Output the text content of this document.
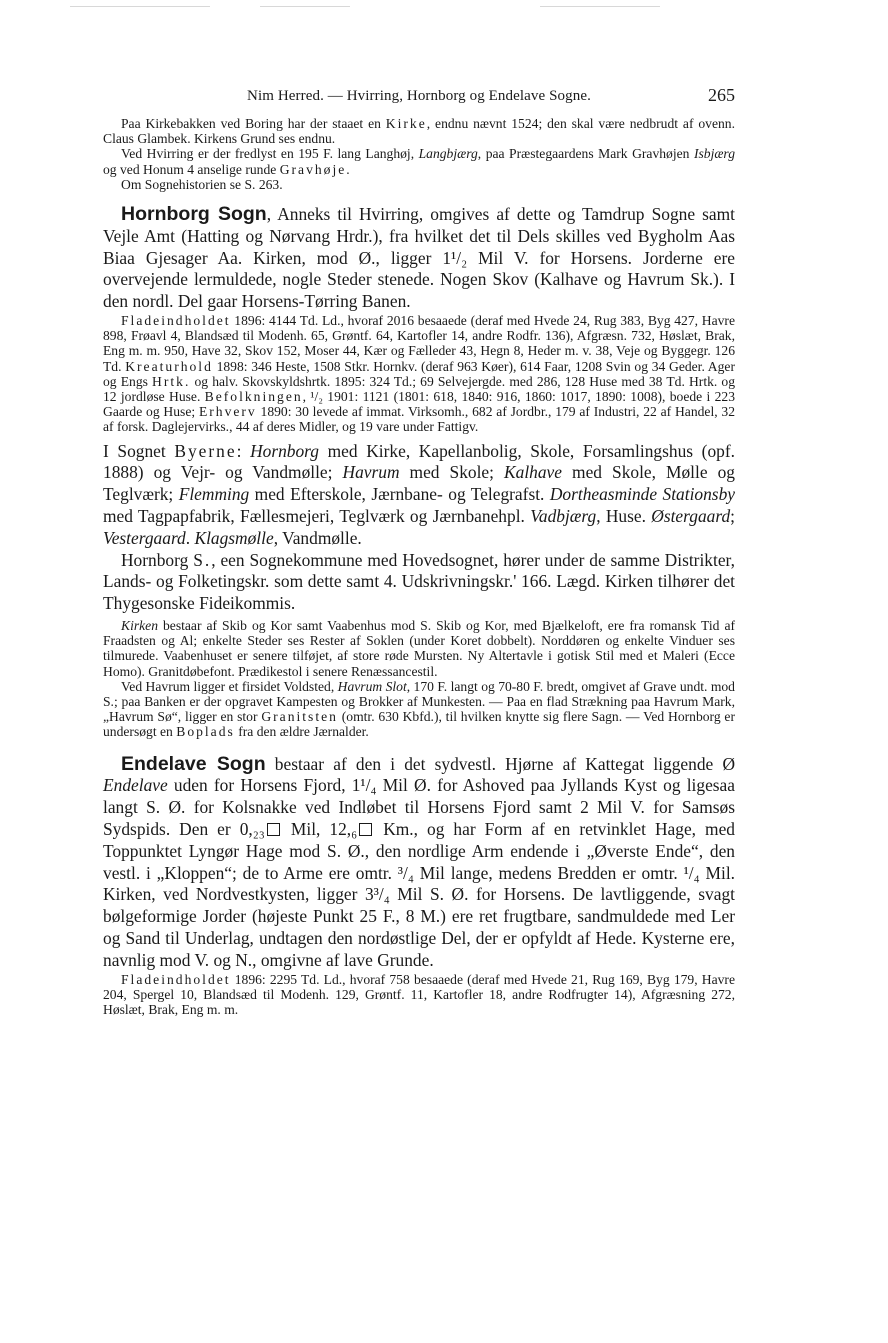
Nim Herred. — Hvirring, Hornborg og Endelave Sogne.	265

Paa Kirkebakken ved Boring har der staaet en Kirke, endnu nævnt 1524; den skal være nedbrudt af ovenn. Claus Glambek. Kirkens Grund ses endnu.

Ved Hvirring er der fredlyst en 195 F. lang Langhøj, Langbjærg, paa Præstegaardens Mark Gravhøjen Isbjærg og ved Honum 4 anselige runde Gravhøje.

Om Sognehistorien se S. 263.

Hornborg Sogn, Anneks til Hvirring, omgives af dette og Tamdrup Sogne samt Vejle Amt (Hatting og Nørvang Hrdr.), fra hvilket det til Dels skilles ved Bygholm Aas Biaa Gjesager Aa. Kirken, mod Ø., ligger 1¹/₂ Mil V. for Horsens. Jorderne ere overvejende lermuldede, nogle Steder stenede. Nogen Skov (Kalhave og Havrum Sk.). I den nordl. Del gaar Horsens-Tørring Banen.

Fladeindholdet 1896: 4144 Td. Ld., hvoraf 2016 besaaede (deraf med Hvede 24, Rug 383, Byg 427, Havre 898, Frøavl 4, Blandsæd til Modenh. 65, Grøntf. 64, Kartofler 14, andre Rodfr. 136), Afgræsn. 732, Høslæt, Brak, Eng m. m. 950, Have 32, Skov 152, Moser 44, Kær og Fælleder 43, Hegn 8, Heder m. v. 38, Veje og Byggegr. 126 Td. Kreaturhold 1898: 346 Heste, 1508 Stkr. Hornkv. (deraf 963 Køer), 614 Faar, 1208 Svin og 34 Geder. Ager og Engs Hrtk. og halv. Skovskyldshrtk. 1895: 324 Td.; 69 Selvejergde. med 286, 128 Huse med 38 Td. Hrtk. og 12 jordløse Huse. Befolkningen, ¹/₂ 1901: 1121 (1801: 618, 1840: 916, 1860: 1017, 1890: 1008), boede i 223 Gaarde og Huse; Erhverv 1890: 30 levede af immat. Virksomh., 682 af Jordbr., 179 af Industri, 22 af Handel, 32 af forsk. Daglejervirks., 44 af deres Midler, og 19 vare under Fattigv.

I Sognet Byerne: Hornborg med Kirke, Kapellanbolig, Skole, Forsamlingshus (opf. 1888) og Vejr- og Vandmølle; Havrum med Skole; Kalhave med Skole, Mølle og Teglværk; Flemming med Efterskole, Jærnbane- og Telegrafst. Dortheasminde Stationsby med Tagpapfabrik, Fællesmejeri, Teglværk og Jærnbanehpl. Vadbjærg, Huse. Østergaard; Vestergaard. Klagsmølle, Vandmølle.

Hornborg S., een Sognekommune med Hovedsognet, hører under de samme Distrikter, Lands- og Folketingskr. som dette samt 4. Udskrivningskr.' 166. Lægd. Kirken tilhører det Thygesonske Fideikommis.

Kirken bestaar af Skib og Kor samt Vaabenhus mod S. Skib og Kor, med Bjælkeloft, ere fra romansk Tid af Fraadsten og Al; enkelte Steder ses Rester af Soklen (under Koret dobbelt). Norddøren og enkelte Vinduer ses tilmurede. Vaabenhuset er senere tilføjet, af store røde Mursten. Ny Altertavle i gotisk Stil med et Maleri (Ecce Homo). Granitdøbefont. Prædikestol i senere Renæssancestil.

Ved Havrum ligger et firsidet Voldsted, Havrum Slot, 170 F. langt og 70-80 F. bredt, omgivet af Grave undt. mod S.; paa Banken er der opgravet Kampesten og Brokker af Munkesten. — Paa en flad Strækning paa Havrum Mark, „Havrum Sø“, ligger en stor Granitsten (omtr. 630 Kbfd.), til hvilken knytte sig flere Sagn. — Ved Hornborg er undersøgt en Boplads fra den ældre Jærnalder.

Endelave Sogn bestaar af den i det sydvestl. Hjørne af Kattegat liggende Ø Endelave uden for Horsens Fjord, 1¹/₄ Mil Ø. for Ashoved paa Jyllands Kyst og ligesaa langt S. Ø. for Kolsnakke ved Indløbet til Horsens Fjord samt 2 Mil V. for Samsøs Sydspids. Den er 0,₂₃ Mil, 12,₆ Km., og har Form af en retvinklet Hage, med Toppunktet Lyngør Hage mod S. Ø., den nordlige Arm endende i „Øverste Ende“, den vestl. i „Kloppen“; de to Arme ere omtr. ³/₄ Mil lange, medens Bredden er omtr. ¹/₄ Mil. Kirken, ved Nordvestkysten, ligger 3³/₄ Mil S. Ø. for Horsens. De lavtliggende, svagt bølgeformige Jorder (højeste Punkt 25 F., 8 M.) ere ret frugtbare, sandmuldede med Ler og Sand til Underlag, undtagen den nordøstlige Del, der er opfyldt af Hede. Kysterne ere, navnlig mod V. og N., omgivne af lave Grunde.

Fladeindholdet 1896: 2295 Td. Ld., hvoraf 758 besaaede (deraf med Hvede 21, Rug 169, Byg 179, Havre 204, Spergel 10, Blandsæd til Modenh. 129, Grøntf. 11, Kartofler 18, andre Rodfrugter 14), Afgræsning 272, Høslæt, Brak, Eng m. m.
